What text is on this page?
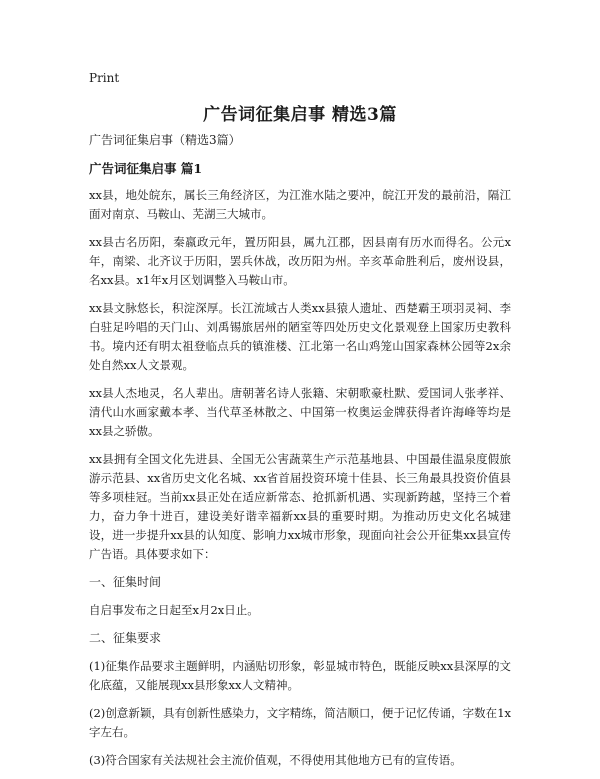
Print
广告词征集启事 精选3篇

广告词征集启事（精选3篇）

广告词征集启事 篇1

xx县，地处皖东，属长三角经济区，为江淮水陆之要冲，皖江开发的最前沿，隔江面对南京、马鞍山、芜湖三大城市。

xx县古名历阳，秦嬴政元年，置历阳县，属九江郡，因县南有历水而得名。公元x年，南梁、北齐议于历阳，罢兵休战，改历阳为州。辛亥革命胜利后，废州设县，名xx县。x1年x月区划调整入马鞍山市。

xx县文脉悠长，积淀深厚。长江流域古人类xx县猿人遗址、西楚霸王项羽灵祠、李白驻足吟唱的天门山、刘禹锡旅居州的陋室等四处历史文化景观登上国家历史教科书。境内还有明太祖登临点兵的镇淮楼、江北第一名山鸡笼山国家森林公园等2x余处自然xx人文景观。

xx县人杰地灵，名人辈出。唐朝著名诗人张籍、宋朝歌豪杜默、爱国词人张孝祥、清代山水画家戴本孝、当代草圣林散之、中国第一枚奥运金牌获得者许海峰等均是xx县之骄傲。

xx县拥有全国文化先进县、全国无公害蔬菜生产示范基地县、中国最佳温泉度假旅游示范县、xx省历史文化名城、xx省首届投资环境十佳县、长三角最具投资价值县等多项桂冠。当前xx县正处在适应新常态、抢抓新机遇、实现新跨越，坚持三个着力，奋力争十进百，建设美好谐幸福新xx县的重要时期。为推动历史文化名城建设，进一步提升xx县的认知度、影响力xx城市形象，现面向社会公开征集xx县宣传广告语。具体要求如下：

一、征集时间

自启事发布之日起至x月2x日止。

二、征集要求

(1)征集作品要求主题鲜明，内涵贴切形象，彰显城市特色，既能反映xx县深厚的文化底蕴，又能展现xx县形象xx人文精神。

(2)创意新颖，具有创新性感染力，文字精练，简洁顺口，便于记忆传诵，字数在1x字左右。

(3)符合国家有关法规社会主流价值观，不得使用其他地方已有的宣传语。
